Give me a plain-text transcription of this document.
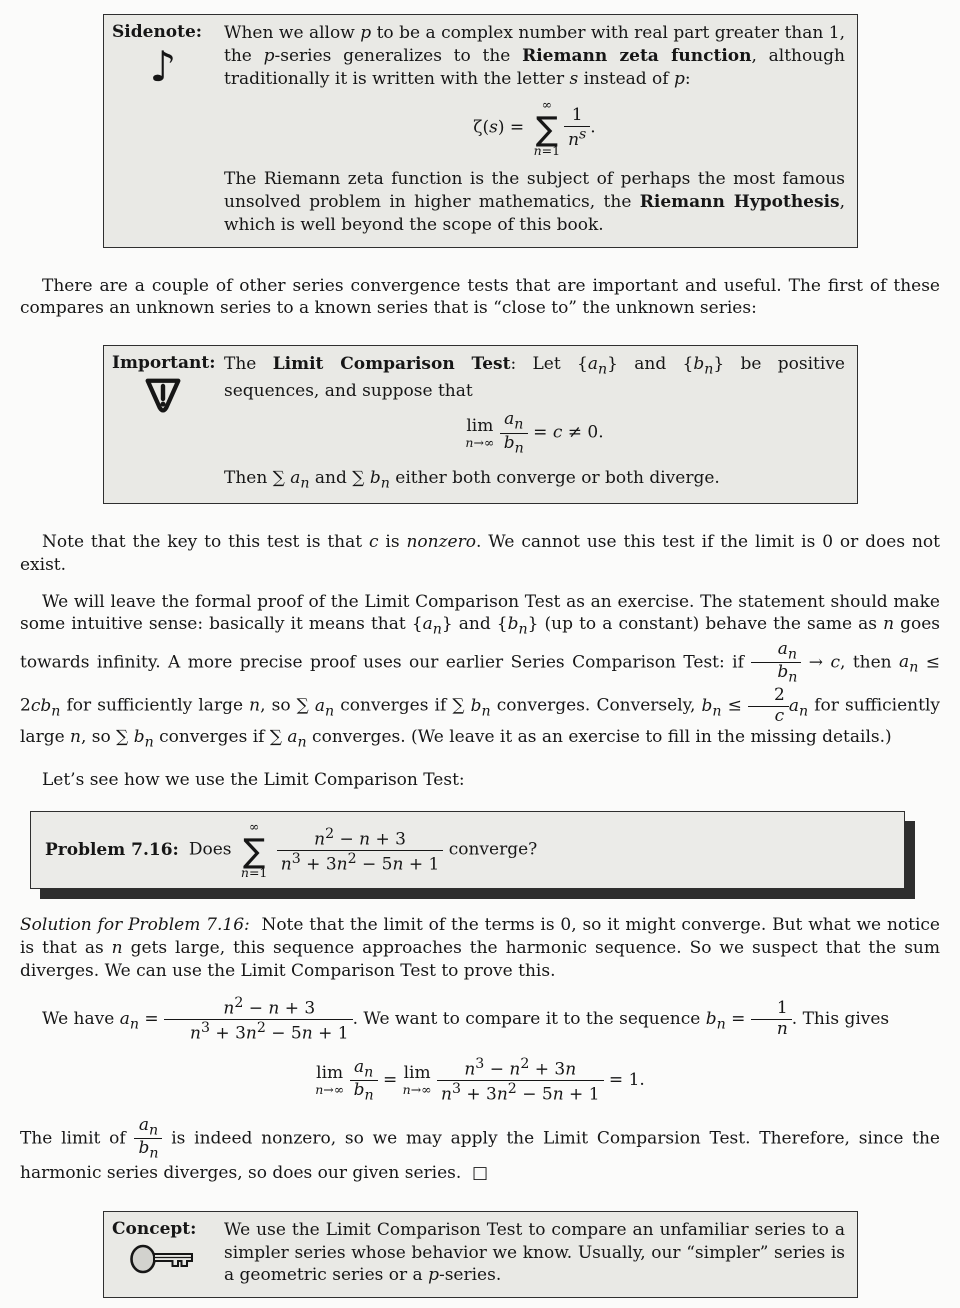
Sidenote:
♪

When we allow p to be a complex number with real part greater than 1, the p-series generalizes to the Riemann zeta function, although traditionally it is written with the letter s instead of p:

ζ(s) =
∞
∑
$n=1 \frac{1}{n^s}$ .

The Riemann zeta function is the subject of perhaps the most famous unsolved problem in higher mathematics, the Riemann Hypothesis, which is well beyond the scope of this book.

There are a couple of other series convergence tests that are important and useful. The first of these compares an unknown series to a known series that is “close to” the unknown series:

Important: The Limit Comparison Test: Let $\{a_n\}$ and $\{b_n\}$ be positive sequences, and suppose that

lim
n→∞
$\frac{a_n}{b_n} = c \ne 0$.

Then ∑ $a_n$ and ∑ $b_n$ either both converge or both diverge.

Note that the key to this test is that c is nonzero. We cannot use this test if the limit is 0 or does not exist.

We will leave the formal proof of the Limit Comparison Test as an exercise. The statement should make some intuitive sense: basically it means that $\{a_n\}$ and $\{b_n\}$ (up to a constant) behave the same as n goes towards infinity. A more precise proof uses our earlier Series Comparison Test: if $\frac{a_n}{b_n} \to c$, then $a_n \le 2cb_n$ for sufficiently large n, so ∑ $a_n$ converges if ∑ $b_n$ converges. Conversely, $b_n \le \frac{2}{c} a_n$ for sufficiently large n, so ∑ $b_n$ converges if ∑ $a_n$ converges. (We leave it as an exercise to fill in the missing details.)

Let’s see how we use the Limit Comparison Test:

Problem 7.16: Does
∞
∑
n=1
$\frac{n^2 - n + 3}{n^3 + 3n^2 - 5n + 1}$ converge?

Solution for Problem 7.16:  Note that the limit of the terms is 0, so it might converge. But what we notice is that as n gets large, this sequence approaches the harmonic sequence. So we suspect that the sum diverges. We can use the Limit Comparison Test to prove this.

We have $a_n = \frac{n^2 - n + 3}{n^3 + 3n^2 - 5n + 1}$ . We want to compare it to the sequence $b_n = \frac{1}{n}$ . This gives

lim
n→∞
$\frac{a_n}{b_n} = \lim$
n→∞
$\frac{n^3 - n^2 + 3n}{n^3 + 3n^2 - 5n + 1} = 1$.

The limit of $\frac{a_n}{b_n}$ is indeed nonzero, so we may apply the Limit Comparsion Test. Therefore, since the harmonic series diverges, so does our given series.  □

Concept:	We use the Limit Comparison Test to compare an unfamiliar series to a simpler series whose behavior we know. Usually, our “simpler” series is a geometric series or a p-series.
